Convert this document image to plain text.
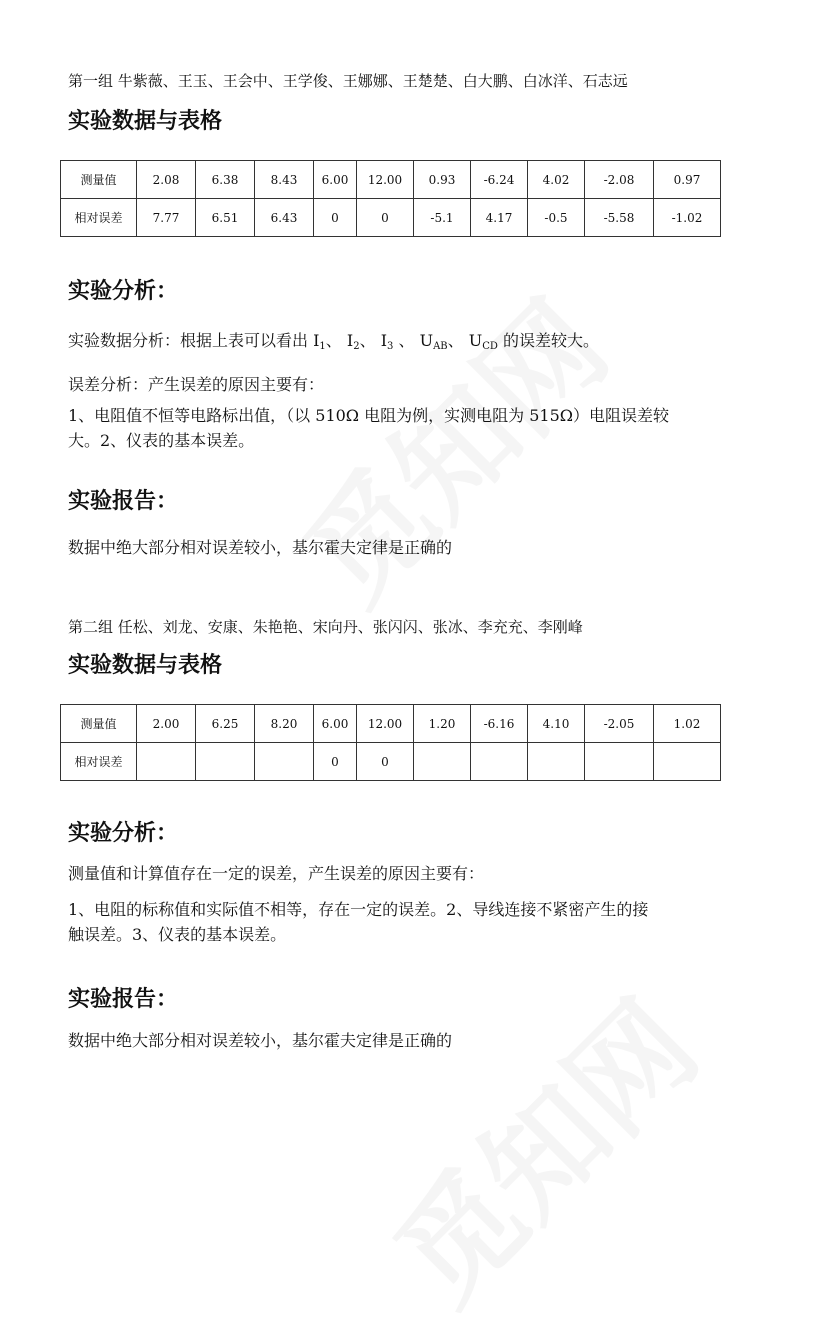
第一组 牛紫薇、王玉、王会中、王学俊、王娜娜、王楚楚、白大鹏、白冰洋、石志远
实验数据与表格
测量值	2.08	6.38	8.43	6.00	12.00	0.93	-6.24	4.02	-2.08	0.97
相对误差	7.77	6.51	6.43	0	0	-5.1	4.17	-0.5	-5.58	-1.02
实验分析：
实验数据分析：根据上表可以看出 $I_1$、 $I_2$、 $I_3$ 、 $U_{AB}$、 $U_{CD}$ 的误差较大。
误差分析：产生误差的原因主要有：
1、电阻值不恒等电路标出值，（以 510Ω 电阻为例，实测电阻为 515Ω）电阻误差较
大。2、仪表的基本误差。
实验报告：
数据中绝大部分相对误差较小，基尔霍夫定律是正确的
第二组 任松、刘龙、安康、朱艳艳、宋向丹、张闪闪、张冰、李充充、李刚峰
实验数据与表格
测量值	2.00	6.25	8.20	6.00	12.00	1.20	-6.16	4.10	-2.05	1.02
相对误差				0	0					
实验分析：
测量值和计算值存在一定的误差，产生误差的原因主要有：
1、电阻的标称值和实际值不相等，存在一定的误差。2、导线连接不紧密产生的接
触误差。3、仪表的基本误差。
实验报告：
数据中绝大部分相对误差较小，基尔霍夫定律是正确的
